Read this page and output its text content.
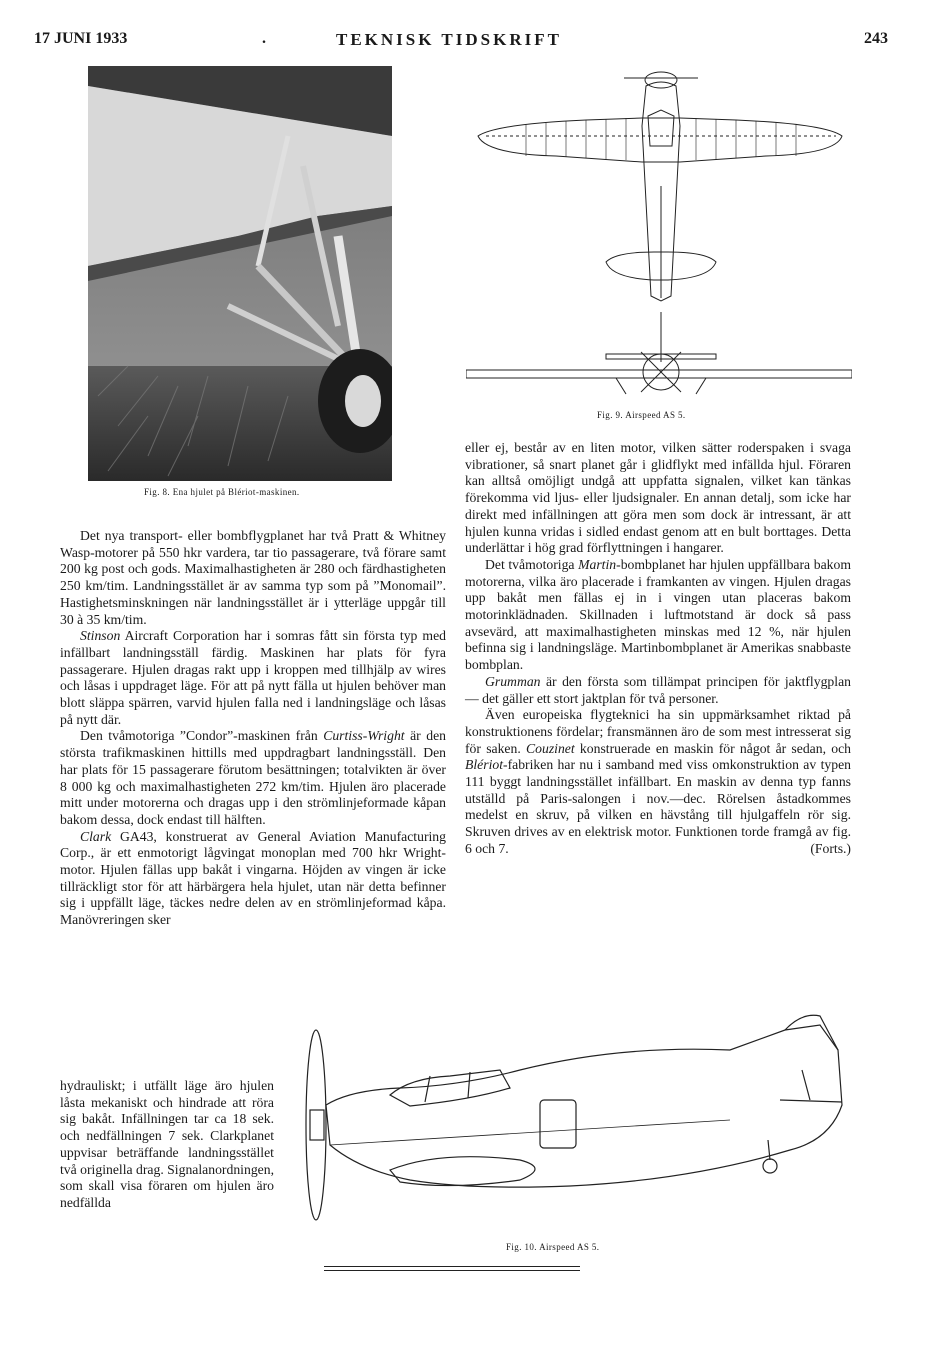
17 JUNI 1933	.	TEKNISK TIDSKRIFT	243
Fig. 8. Ena hjulet på Blériot-maskinen.
Fig. 9. Airspeed AS 5.

Det nya transport- eller bombflygplanet har två Pratt & Whitney Wasp-motorer på 550 hkr vardera, tar tio passagerare, två förare samt 200 kg post och gods. Maximalhastigheten är 280 och färdhastigheten 250 km/tim. Landningsstället är av samma typ som på ”Monomail”. Hastighetsminskningen när landningsstället är i ytterläge uppgår till 30 à 35 km/tim.

Stinson Aircraft Corporation har i somras fått sin första typ med infällbart landningsställ färdig. Maskinen har plats för fyra passagerare. Hjulen dragas rakt upp i kroppen med tillhjälp av wires och låsas i uppdraget läge. För att på nytt fälla ut hjulen behöver man blott släppa spärren, varvid hjulen falla ned i landningsläge och låsas på nytt där.

Den tvåmotoriga ”Condor”-maskinen från Curtiss-Wright är den största trafikmaskinen hittills med uppdragbart landningsställ. Den har plats för 15 passagerare förutom besättningen; totalvikten är över 8 000 kg och maximalhastigheten 272 km/tim. Hjulen äro placerade mitt under motorerna och dragas upp i den strömlinjeformade kåpan bakom dessa, dock endast till hälften.

Clark GA43, konstruerat av General Aviation Manufacturing Corp., är ett enmotorigt lågvingat monoplan med 700 hkr Wright-motor. Hjulen fällas upp bakåt i vingarna. Höjden av vingen är icke tillräckligt stor för att härbärgera hela hjulet, utan när detta befinner sig i uppfällt läge, täckes nedre delen av en strömlinjeformad kåpa. Manövreringen sker

hydrauliskt; i utfällt läge äro hjulen låsta mekaniskt och hindrade att röra sig bakåt. Infällningen tar ca 18 sek. och nedfällningen 7 sek. Clarkplanet uppvisar beträffande landningsstället två originella drag. Signalanordningen, som skall visa föraren om hjulen äro nedfällda

eller ej, består av en liten motor, vilken sätter roderspaken i svaga vibrationer, så snart planet går i glidflykt med infällda hjul. Föraren kan alltså omöjligt undgå att uppfatta signalen, vilket kan tänkas förekomma vid ljus- eller ljudsignaler. En annan detalj, som icke har direkt med infällningen att göra men som dock är intressant, är att hjulen kunna vridas i sidled endast genom att en bult borttages. Detta underlättar i hög grad förflyttningen i hangarer.

Det tvåmotoriga Martin-bombplanet har hjulen uppfällbara bakom motorerna, vilka äro placerade i framkanten av vingen. Hjulen dragas upp bakåt men fällas ej in i vingen utan placeras bakom motorinklädnaden. Skillnaden i luftmotstand är dock så pass avsevärd, att maximalhastigheten minskas med 12 %, när hjulen befinna sig i landningsläge. Martinbombplanet är Amerikas snabbaste bombplan.

Grumman är den första som tillämpat principen för jaktflygplan — det gäller ett stort jaktplan för två personer.

Även europeiska flygteknici ha sin uppmärksamhet riktad på konstruktionens fördelar; fransmännen äro de som mest intresserat sig för saken. Couzinet konstruerade en maskin för något år sedan, och Blériot-fabriken har nu i samband med viss omkonstruktion av typen 111 byggt landningsstället infällbart. En maskin av denna typ fanns utställd på Paris-salongen i nov.—dec. Rörelsen åstadkommes medelst en skruv, på vilken en hävstång till hjulgaffeln rör sig. Skruven drives av en elektrisk motor. Funktionen torde framgå av fig. 6 och 7.	(Forts.)

Fig. 10. Airspeed AS 5.
